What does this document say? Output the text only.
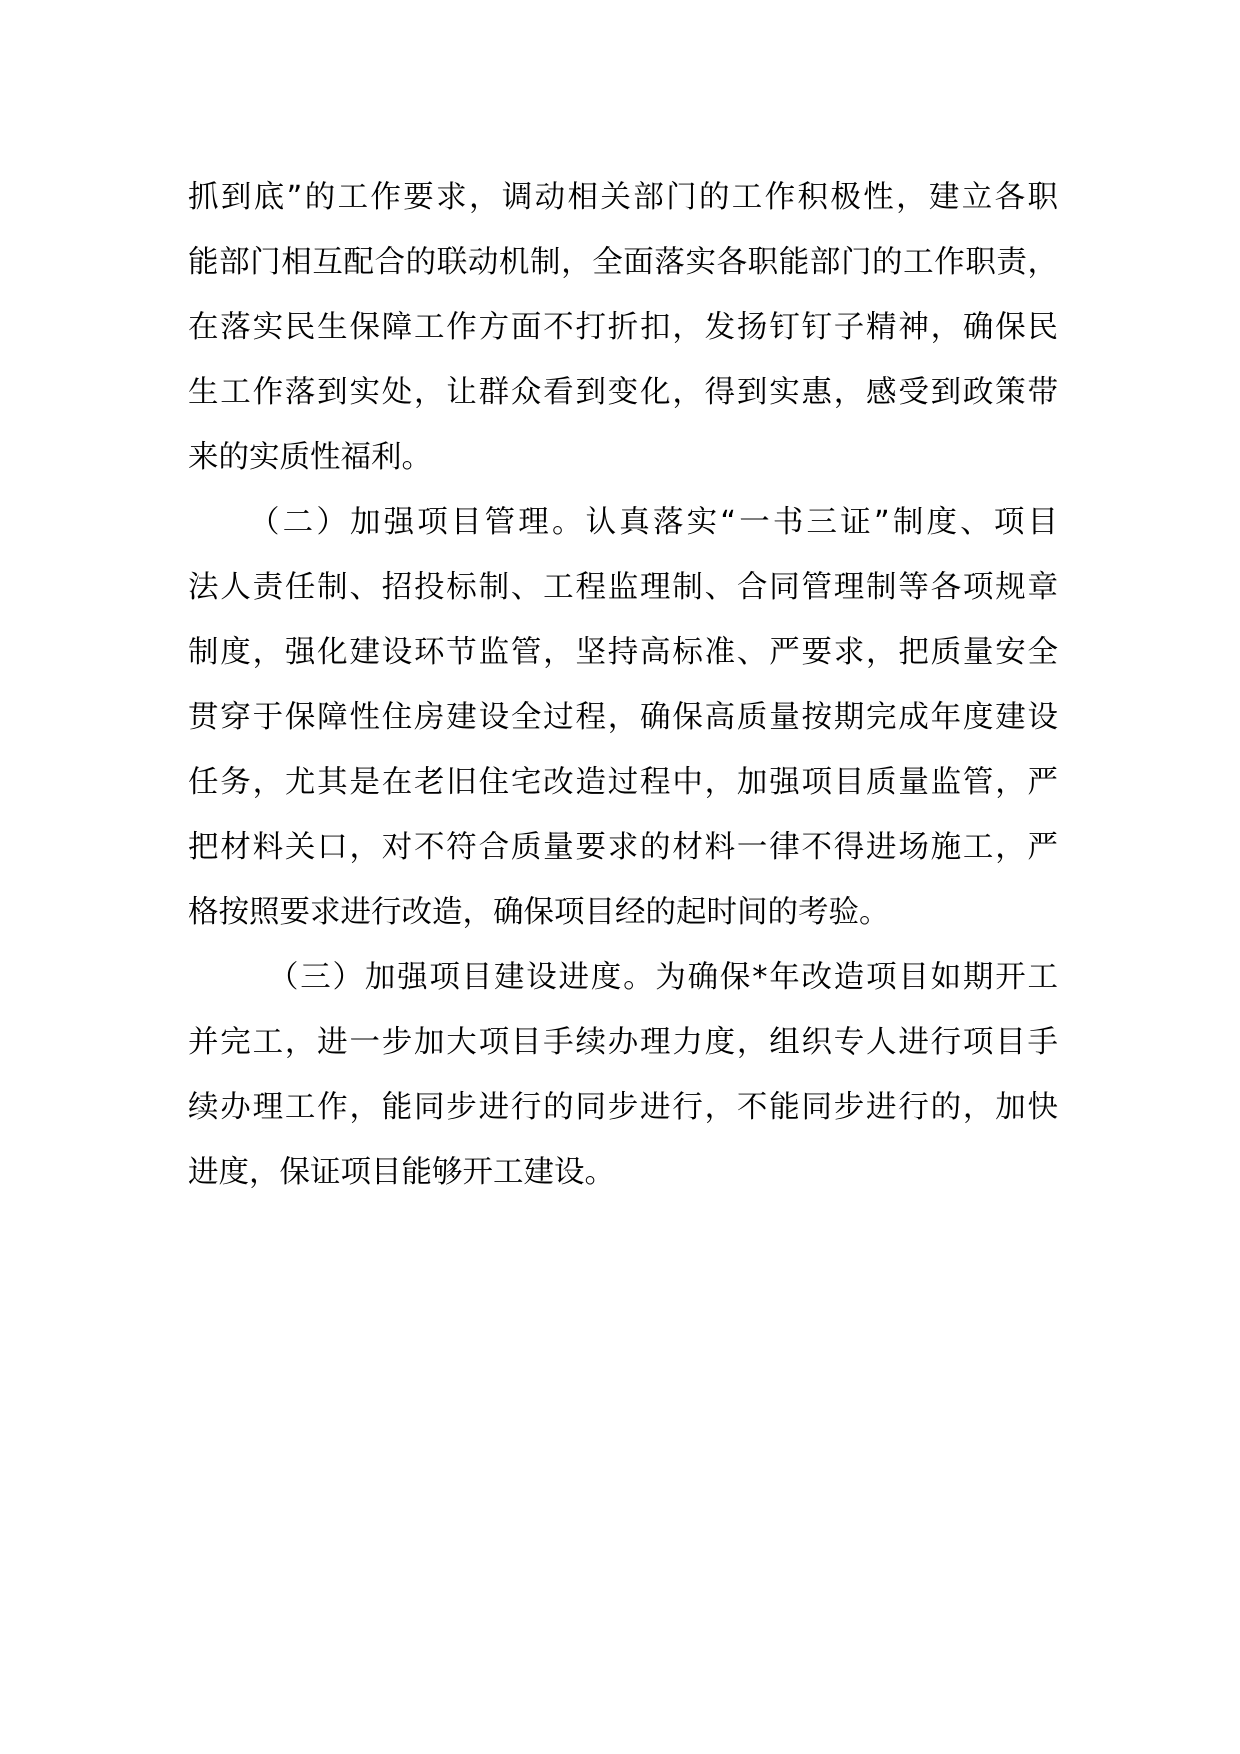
抓到底”的工作要求，调动相关部门的工作积极性，建立各职
能部门相互配合的联动机制，全面落实各职能部门的工作职责，
在落实民生保障工作方面不打折扣，发扬钉钉子精神，确保民
生工作落到实处，让群众看到变化，得到实惠，感受到政策带
来的实质性福利。

（二）加强项目管理。认真落实“一书三证”制度、项目
法人责任制、招投标制、工程监理制、合同管理制等各项规章
制度，强化建设环节监管，坚持高标准、严要求，把质量安全
贯穿于保障性住房建设全过程，确保高质量按期完成年度建设
任务，尤其是在老旧住宅改造过程中，加强项目质量监管，严
把材料关口，对不符合质量要求的材料一律不得进场施工，严
格按照要求进行改造，确保项目经的起时间的考验。

（三）加强项目建设进度。为确保*年改造项目如期开工
并完工，进一步加大项目手续办理力度，组织专人进行项目手
续办理工作，能同步进行的同步进行，不能同步进行的，加快
进度，保证项目能够开工建设。
